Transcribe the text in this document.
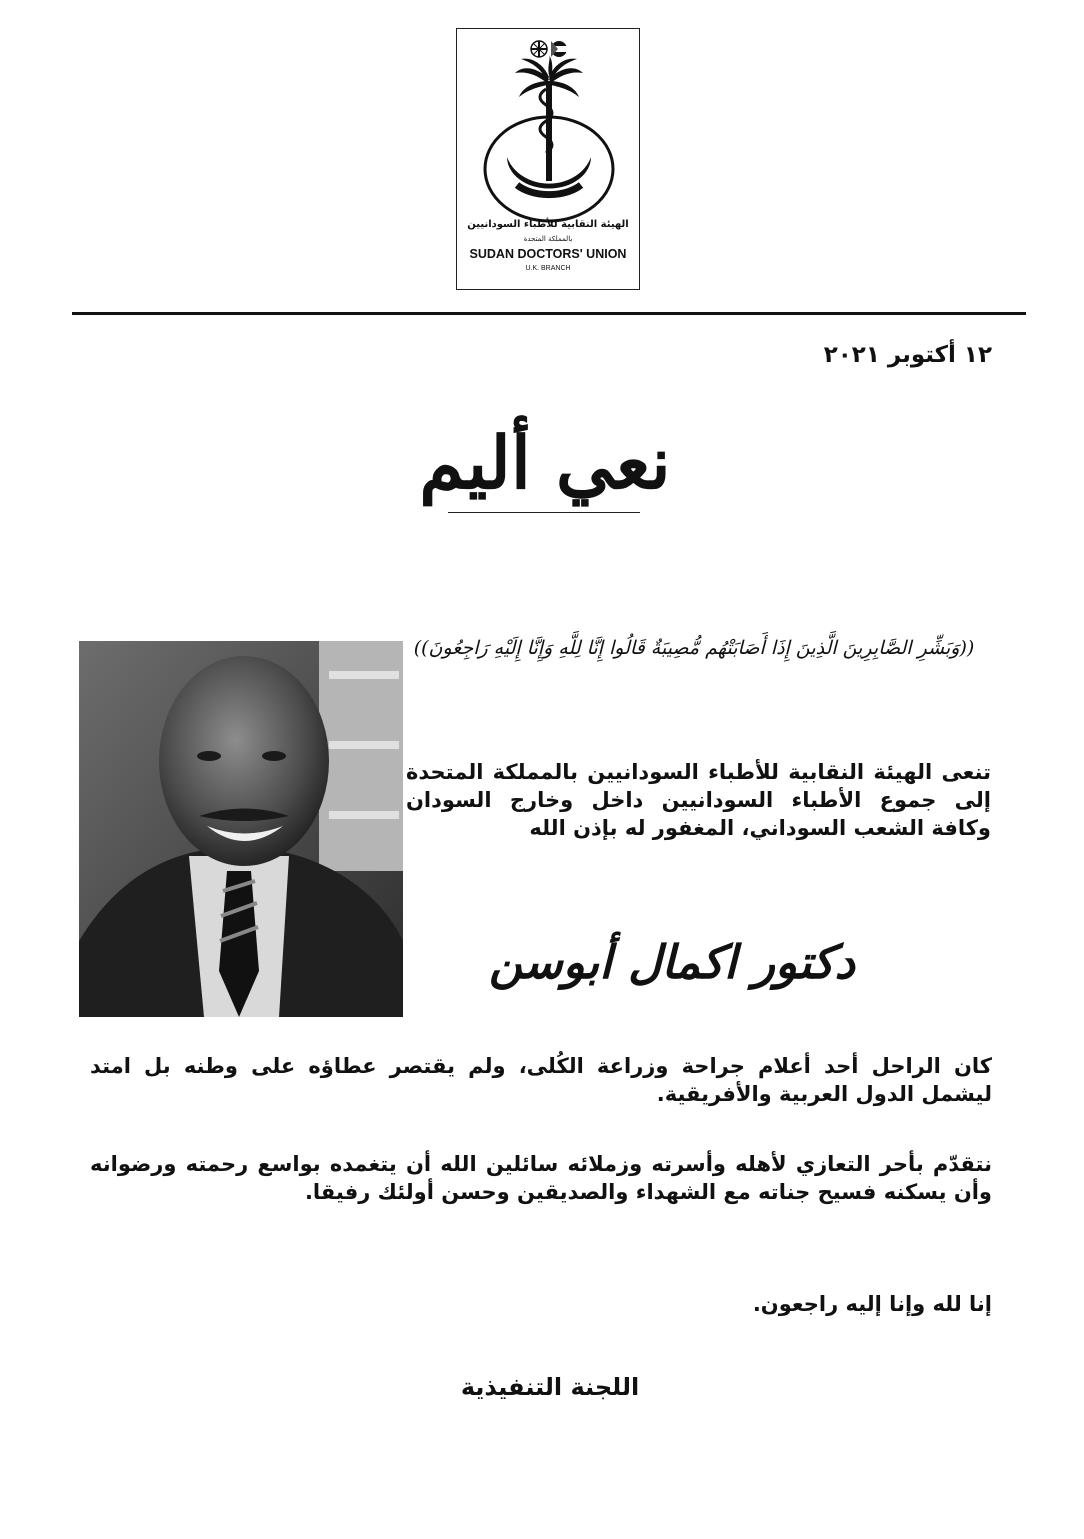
الهيئة النقابية للأطباء السودانيين
بالمملكة المتحدة
SUDAN DOCTORS' UNION
U.K. BRANCH
١٢ أكتوبر ٢٠٢١
نعي أليم
((وَبَشِّرِ الصَّابِرِينَ الَّذِينَ إِذَا أَصَابَتْهُم مُّصِيبَةٌ قَالُوا إِنَّا لِلَّهِ وَإِنَّا إِلَيْهِ رَاجِعُونَ))
تنعى الهيئة النقابية للأطباء السودانيين بالمملكة المتحدة إلى جموع الأطباء السودانيين داخل وخارج السودان وكافة الشعب السوداني، المغفور له بإذن الله
دكتور اكمال أبوسن
كان الراحل أحد أعلام جراحة وزراعة الكُلى، ولم يقتصر عطاؤه على وطنه بل امتد ليشمل الدول العربية والأفريقية.
نتقدّم بأحر التعازي لأهله وأسرته وزملائه سائلين الله أن يتغمده بواسع رحمته ورضوانه وأن يسكنه فسيح جناته مع الشهداء والصديقين وحسن أولئك رفيقا.
إنا لله وإنا إليه راجعون.
اللجنة التنفيذية
